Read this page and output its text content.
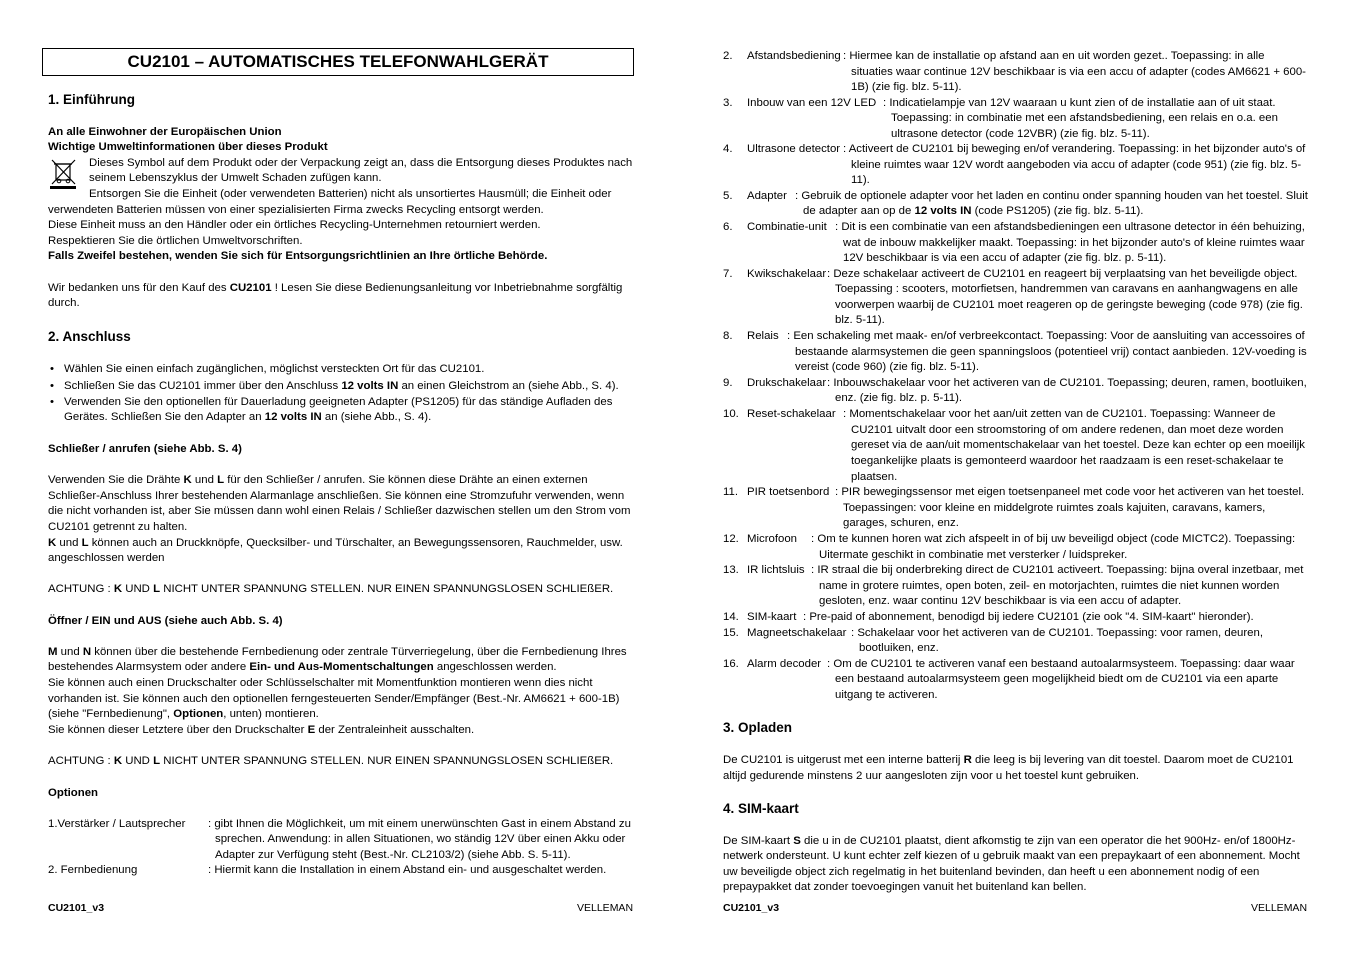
CU2101 – AUTOMATISCHES TELEFONWAHLGERÄT
1. Einführung
An alle Einwohner der Europäischen Union
Wichtige Umweltinformationen über dieses Produkt
Dieses Symbol auf dem Produkt oder der Verpackung zeigt an, dass die Entsorgung dieses Produktes nach
seinem Lebenszyklus der Umwelt Schaden zufügen kann.
Entsorgen Sie die Einheit (oder verwendeten Batterien) nicht als unsortiertes Hausmüll; die Einheit oder
verwendeten Batterien müssen von einer spezialisierten Firma zwecks Recycling entsorgt werden.
Diese Einheit muss an den Händler oder ein örtliches Recycling-Unternehmen retourniert werden.
Respektieren Sie die örtlichen Umweltvorschriften.
Falls Zweifel bestehen, wenden Sie sich für Entsorgungsrichtlinien an Ihre örtliche Behörde.
Wir bedanken uns für den Kauf des CU2101 ! Lesen Sie diese Bedienungsanleitung vor Inbetriebnahme sorgfältig
durch.
2. Anschluss
• Wählen Sie einen einfach zugänglichen, möglichst versteckten Ort für das CU2101.
• Schließen Sie das CU2101 immer über den Anschluss 12 volts IN an einen Gleichstrom an (siehe Abb., S. 4).
• Verwenden Sie den optionellen für Dauerladung geeigneten Adapter (PS1205) für das ständige Aufladen des
Gerätes. Schließen Sie den Adapter an 12 volts IN an (siehe Abb., S. 4).
Schließer / anrufen (siehe Abb. S. 4)
Verwenden Sie die Drähte K und L für den Schließer / anrufen. Sie können diese Drähte an einen externen
Schließer-Anschluss Ihrer bestehenden Alarmanlage anschließen. Sie können eine Stromzufuhr verwenden, wenn
die nicht vorhanden ist, aber Sie müssen dann wohl einen Relais / Schließer dazwischen stellen um den Strom vom
CU2101 getrennt zu halten.
K und L können auch an Druckknöpfe, Quecksilber- und Türschalter, an Bewegungssensoren, Rauchmelder, usw.
angeschlossen werden
ACHTUNG : K UND L NICHT UNTER SPANNUNG STELLEN. NUR EINEN SPANNUNGSLOSEN SCHLIEßER.
Öffner / EIN und AUS (siehe auch Abb. S. 4)
M und N können über die bestehende Fernbedienung oder zentrale Türverriegelung, über die Fernbedienung Ihres
bestehendes Alarmsystem oder andere Ein- und Aus-Momentschaltungen angeschlossen werden.
Sie können auch einen Druckschalter oder Schlüsselschalter mit Momentfunktion montieren wenn dies nicht
vorhanden ist. Sie können auch den optionellen ferngesteuerten Sender/Empfänger (Best.-Nr. AM6621 + 600-1B)
(siehe "Fernbedienung", Optionen, unten) montieren.
Sie können dieser Letztere über den Druckschalter E der Zentraleinheit ausschalten.
ACHTUNG : K UND L NICHT UNTER SPANNUNG STELLEN. NUR EINEN SPANNUNGSLOSEN SCHLIEßER.
Optionen
1.Verstärker / Lautsprecher : gibt Ihnen die Möglichkeit, um mit einem unerwünschten Gast in einem Abstand zu
sprechen. Anwendung: in allen Situationen, wo ständig 12V über einen Akku oder
Adapter zur Verfügung steht (Best.-Nr. CL2103/2) (siehe Abb. S. 5-11).
2. Fernbedienung	: Hiermit kann die Installation in einem Abstand ein- und ausgeschaltet werden.
CU2101_v3	VELLEMAN
2. Afstandsbediening : Hiermee kan de installatie op afstand aan en uit worden gezet.. Toepassing: in alle
situaties waar continue 12V beschikbaar is via een accu of adapter (codes AM6621 + 600-
1B) (zie fig. blz. 5-11).
3. Inbouw van een 12V LED : Indicatielampje van 12V waaraan u kunt zien of de installatie aan of uit staat.
Toepassing: in combinatie met een afstandsbediening, een relais en o.a. een
ultrasone detector (code 12VBR) (zie fig. blz. 5-11).
4. Ultrasone detector : Activeert de CU2101 bij beweging en/of verandering. Toepassing: in het bijzonder auto's of
kleine ruimtes waar 12V wordt aangeboden via accu of adapter (code 951) (zie fig. blz. 5-
11).
5. Adapter : Gebruik de optionele adapter voor het laden en continu onder spanning houden van het toestel. Sluit
de adapter aan op de 12 volts IN (code PS1205) (zie fig. blz. 5-11).
6. Combinatie-unit : Dit is een combinatie van een afstandsbedieningen een ultrasone detector in één behuizing,
wat de inbouw makkelijker maakt. Toepassing: in het bijzonder auto's of kleine ruimtes waar
12V beschikbaar is via een accu of adapter (zie fig. blz. p. 5-11).
7. Kwikschakelaar : Deze schakelaar activeert de CU2101 en reageert bij verplaatsing van het beveiligde object.
Toepassing : scooters, motorfietsen, handremmen van caravans en aanhangwagens en alle
voorwerpen waarbij de CU2101 moet reageren op de geringste beweging (code 978) (zie fig.
blz. 5-11).
8. Relais : Een schakeling met maak- en/of verbreekcontact. Toepassing: Voor de aansluiting van accessoires of
bestaande alarmsystemen die geen spanningsloos (potentieel vrij) contact aanbieden. 12V-voeding is
vereist (code 960) (zie fig. blz. 5-11).
9. Drukschakelaar : Inbouwschakelaar voor het activeren van de CU2101. Toepassing; deuren, ramen, bootluiken,
enz. (zie fig. blz. p. 5-11).
10. Reset-schakelaar : Momentschakelaar voor het aan/uit zetten van de CU2101. Toepassing: Wanneer de
CU2101 uitvalt door een stroomstoring of om andere redenen, dan moet deze worden
gereset via de aan/uit momentschakelaar van het toestel. Deze kan echter op een moeilijk
toegankelijke plaats is gemonteerd waardoor het raadzaam is een reset-schakelaar te
plaatsen.
11. PIR toetsenbord : PIR bewegingssensor met eigen toetsenpaneel met code voor het activeren van het toestel.
Toepassingen: voor kleine en middelgrote ruimtes zoals kajuiten, caravans, kamers,
garages, schuren, enz.
12. Microfoon : Om te kunnen horen wat zich afspeelt in of bij uw beveiligd object (code MICTC2). Toepassing:
Uitermate geschikt in combinatie met versterker / luidspreker.
13. IR lichtsluis : IR straal die bij onderbreking direct de CU2101 activeert. Toepassing: bijna overal inzetbaar, met
name in grotere ruimtes, open boten, zeil- en motorjachten, ruimtes die niet kunnen worden
gesloten, enz. waar continu 12V beschikbaar is via een accu of adapter.
14. SIM-kaart : Pre-paid of abonnement, benodigd bij iedere CU2101 (zie ook "4. SIM-kaart" hieronder).
15. Magneetschakelaar : Schakelaar voor het activeren van de CU2101. Toepassing: voor ramen, deuren,
bootluiken, enz.
16. Alarm decoder : Om de CU2101 te activeren vanaf een bestaand autoalarmsysteem. Toepassing: daar waar
een bestaand autoalarmsysteem geen mogelijkheid biedt om de CU2101 via een aparte
uitgang te activeren.
3. Opladen
De CU2101 is uitgerust met een interne batterij R die leeg is bij levering van dit toestel. Daarom moet de CU2101
altijd gedurende minstens 2 uur aangesloten zijn voor u het toestel kunt gebruiken.
4. SIM-kaart
De SIM-kaart S die u in de CU2101 plaatst, dient afkomstig te zijn van een operator die het 900Hz- en/of 1800Hz-
netwerk ondersteunt. U kunt echter zelf kiezen of u gebruik maakt van een prepaykaart of een abonnement. Mocht
uw beveiligde object zich regelmatig in het buitenland bevinden, dan heeft u een abonnement nodig of een
prepaypakket dat zonder toevoegingen vanuit het buitenland kan bellen.
CU2101_v3	VELLEMAN
